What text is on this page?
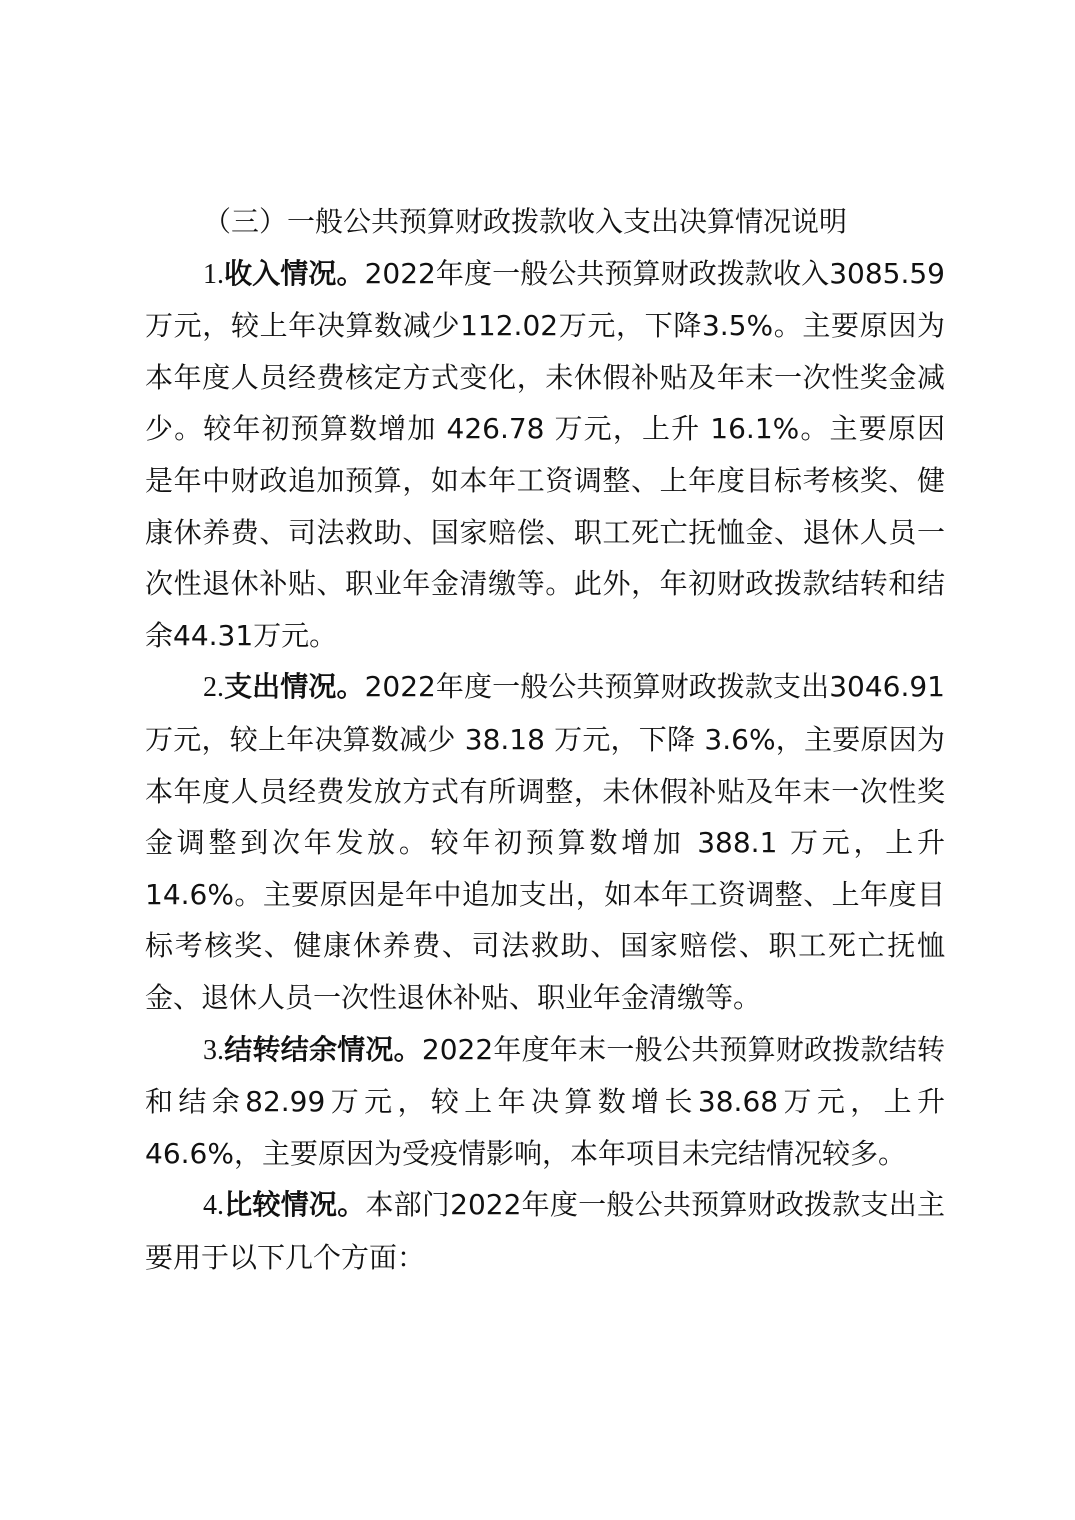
（三）一般公共预算财政拨款收入支出决算情况说明

1.收入情况。2022年度一般公共预算财政拨款收入3085.59万元，较上年决算数减少112.02万元，下降3.5%。主要原因为本年度人员经费核定方式变化，未休假补贴及年末一次性奖金减少。较年初预算数增加 426.78 万元，上升 16.1%。主要原因是年中财政追加预算，如本年工资调整、上年度目标考核奖、健康休养费、司法救助、国家赔偿、职工死亡抚恤金、退休人员一次性退休补贴、职业年金清缴等。此外，年初财政拨款结转和结余44.31万元。

2.支出情况。2022年度一般公共预算财政拨款支出3046.91万元，较上年决算数减少 38.18 万元，下降 3.6%，主要原因为本年度人员经费发放方式有所调整，未休假补贴及年末一次性奖金调整到次年发放。较年初预算数增加 388.1 万元，上升14.6%。主要原因是年中追加支出，如本年工资调整、上年度目标考核奖、健康休养费、司法救助、国家赔偿、职工死亡抚恤金、退休人员一次性退休补贴、职业年金清缴等。

3.结转结余情况。2022年度年末一般公共预算财政拨款结转和结余82.99万元，较上年决算数增长38.68万元，上升46.6%，主要原因为受疫情影响，本年项目未完结情况较多。

4.比较情况。本部门2022年度一般公共预算财政拨款支出主要用于以下几个方面：
